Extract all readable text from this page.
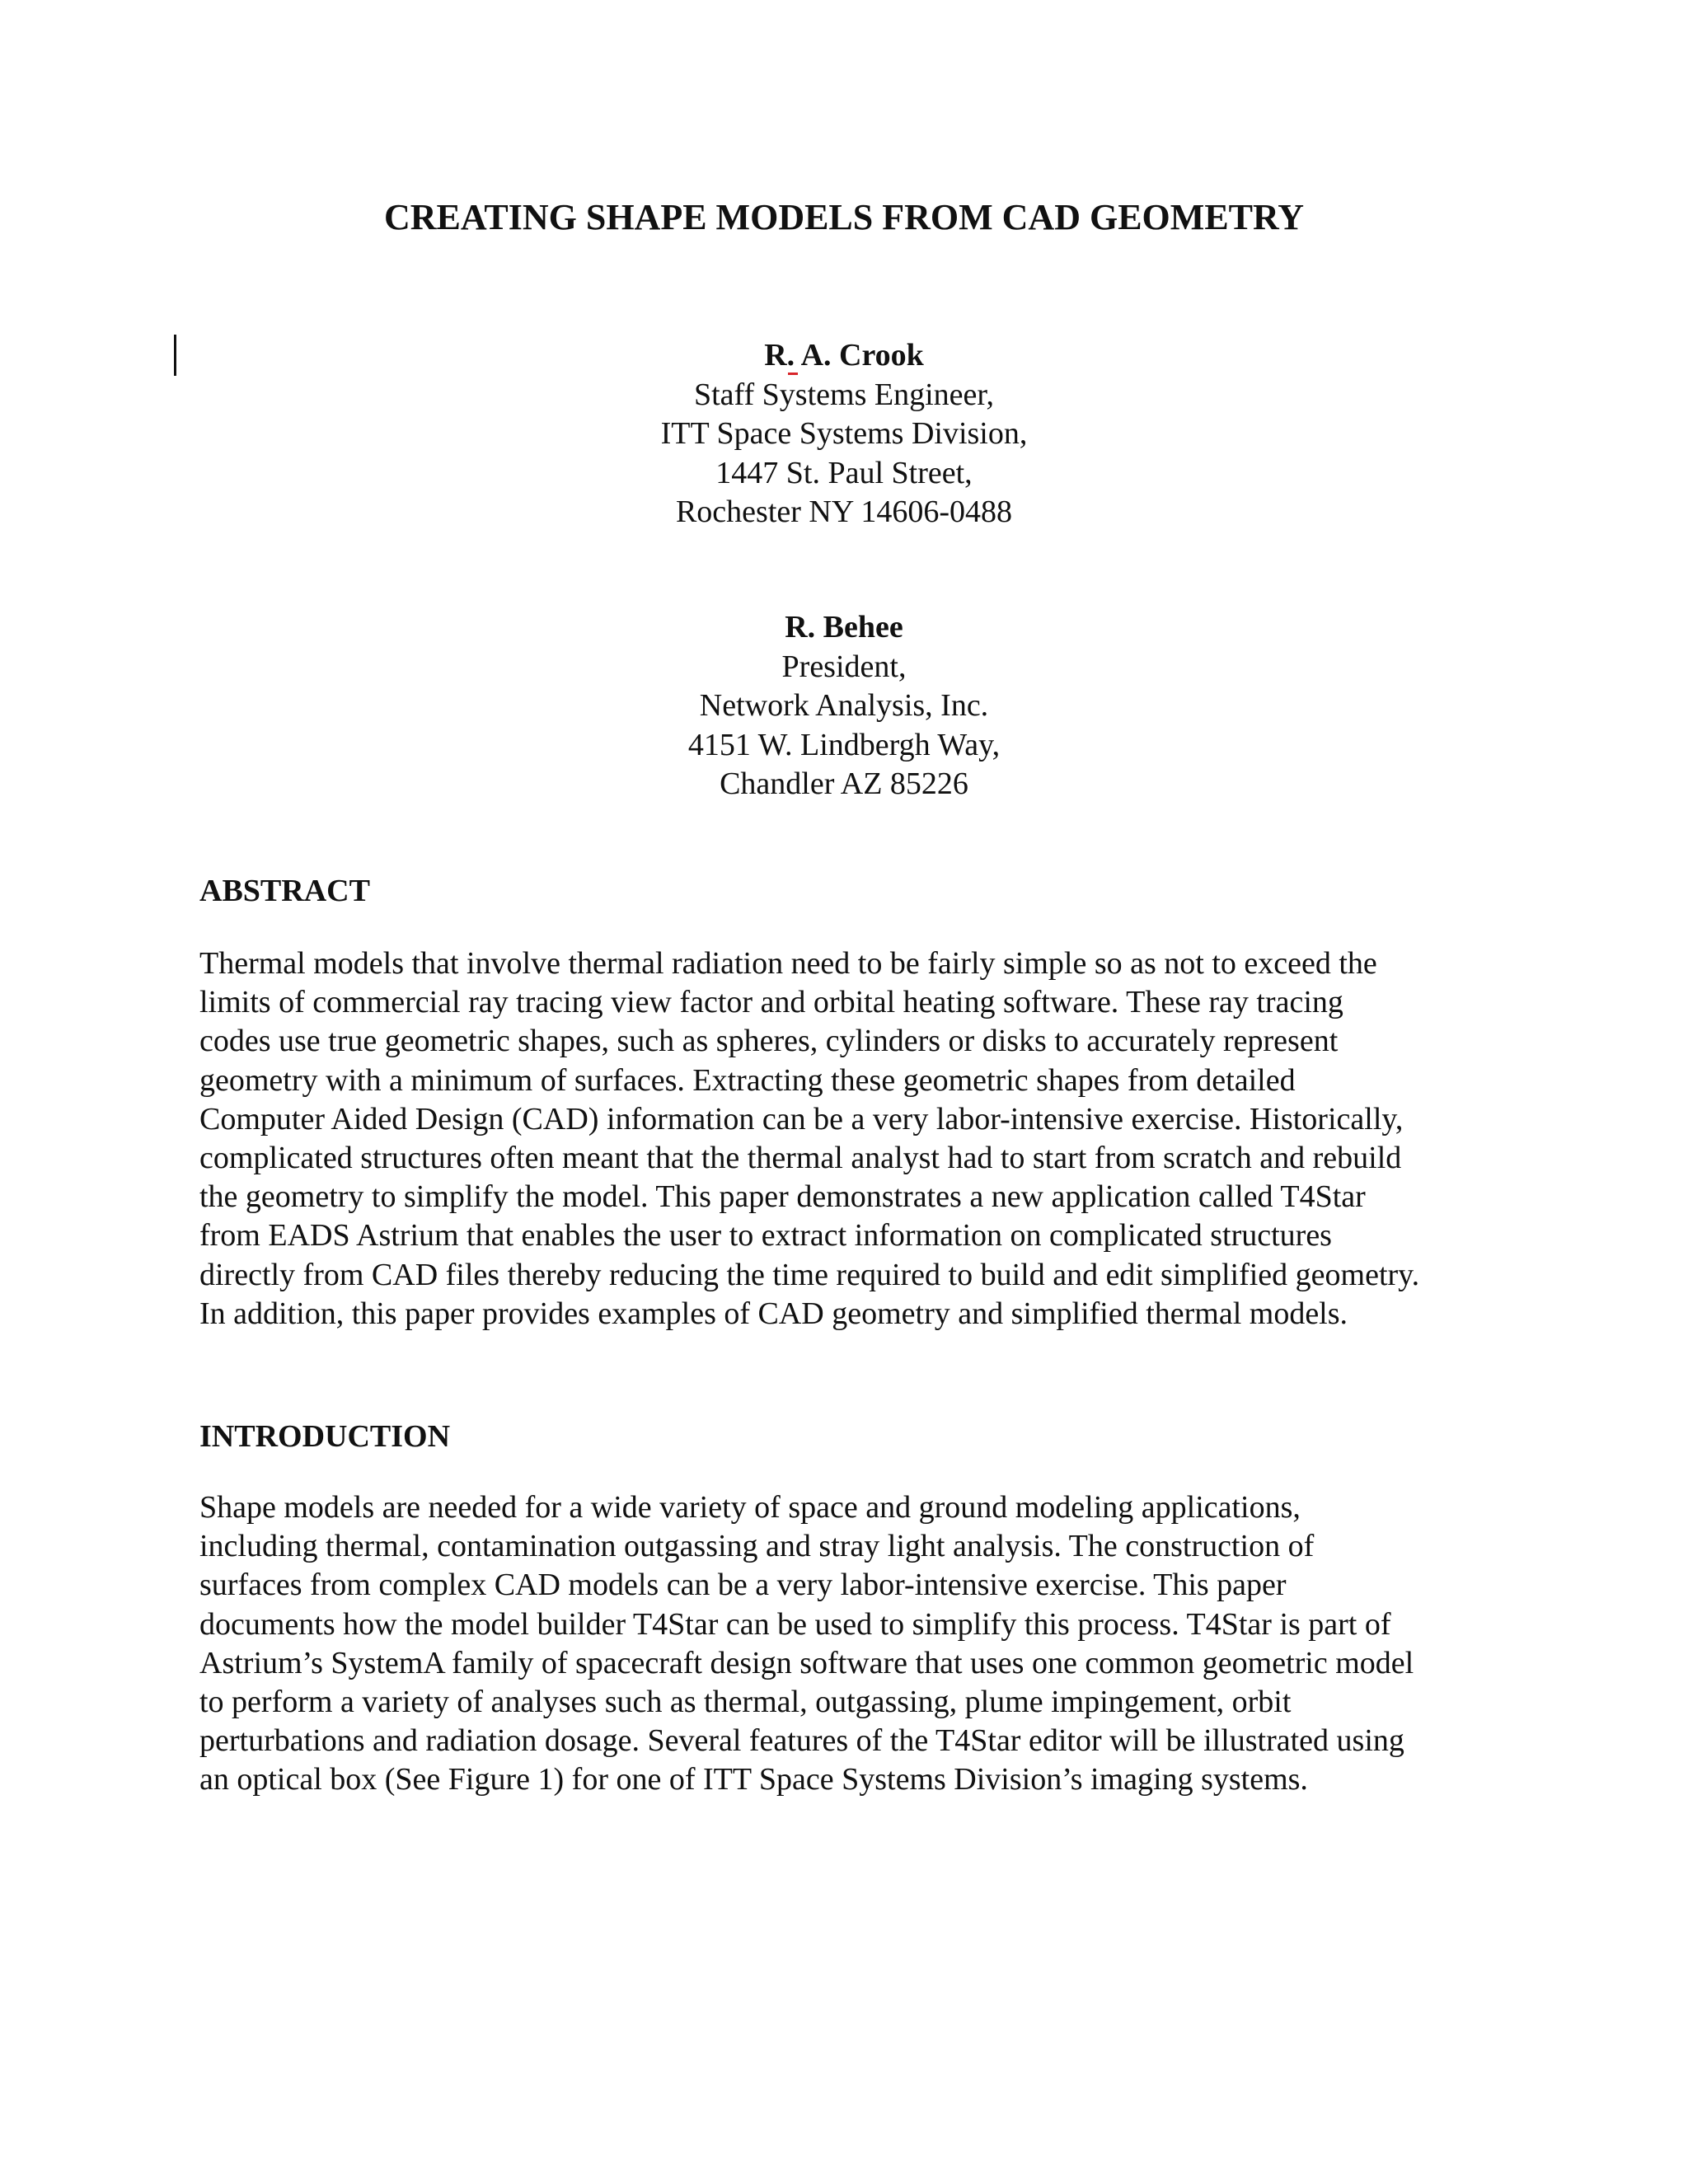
CREATING SHAPE MODELS FROM CAD GEOMETRY
R. A. Crook
Staff Systems Engineer,
ITT Space Systems Division,
1447 St. Paul Street,
Rochester NY 14606-0488
R. Behee
President,
Network Analysis, Inc.
4151 W. Lindbergh Way,
Chandler AZ 85226
ABSTRACT
Thermal models that involve thermal radiation need to be fairly simple so as not to exceed the
limits of commercial ray tracing view factor and orbital heating software. These ray tracing
codes use true geometric shapes, such as spheres, cylinders or disks to accurately represent
geometry with a minimum of surfaces. Extracting these geometric shapes from detailed
Computer Aided Design (CAD) information can be a very labor-intensive exercise. Historically,
complicated structures often meant that the thermal analyst had to start from scratch and rebuild
the geometry to simplify the model. This paper demonstrates a new application called T4Star
from EADS Astrium that enables the user to extract information on complicated structures
directly from CAD files thereby reducing the time required to build and edit simplified geometry.
In addition, this paper provides examples of CAD geometry and simplified thermal models.
INTRODUCTION
Shape models are needed for a wide variety of space and ground modeling applications,
including thermal, contamination outgassing and stray light analysis. The construction of
surfaces from complex CAD models can be a very labor-intensive exercise. This paper
documents how the model builder T4Star can be used to simplify this process. T4Star is part of
Astrium’s SystemA family of spacecraft design software that uses one common geometric model
to perform a variety of analyses such as thermal, outgassing, plume impingement, orbit
perturbations and radiation dosage. Several features of the T4Star editor will be illustrated using
an optical box (See Figure 1) for one of ITT Space Systems Division’s imaging systems.
